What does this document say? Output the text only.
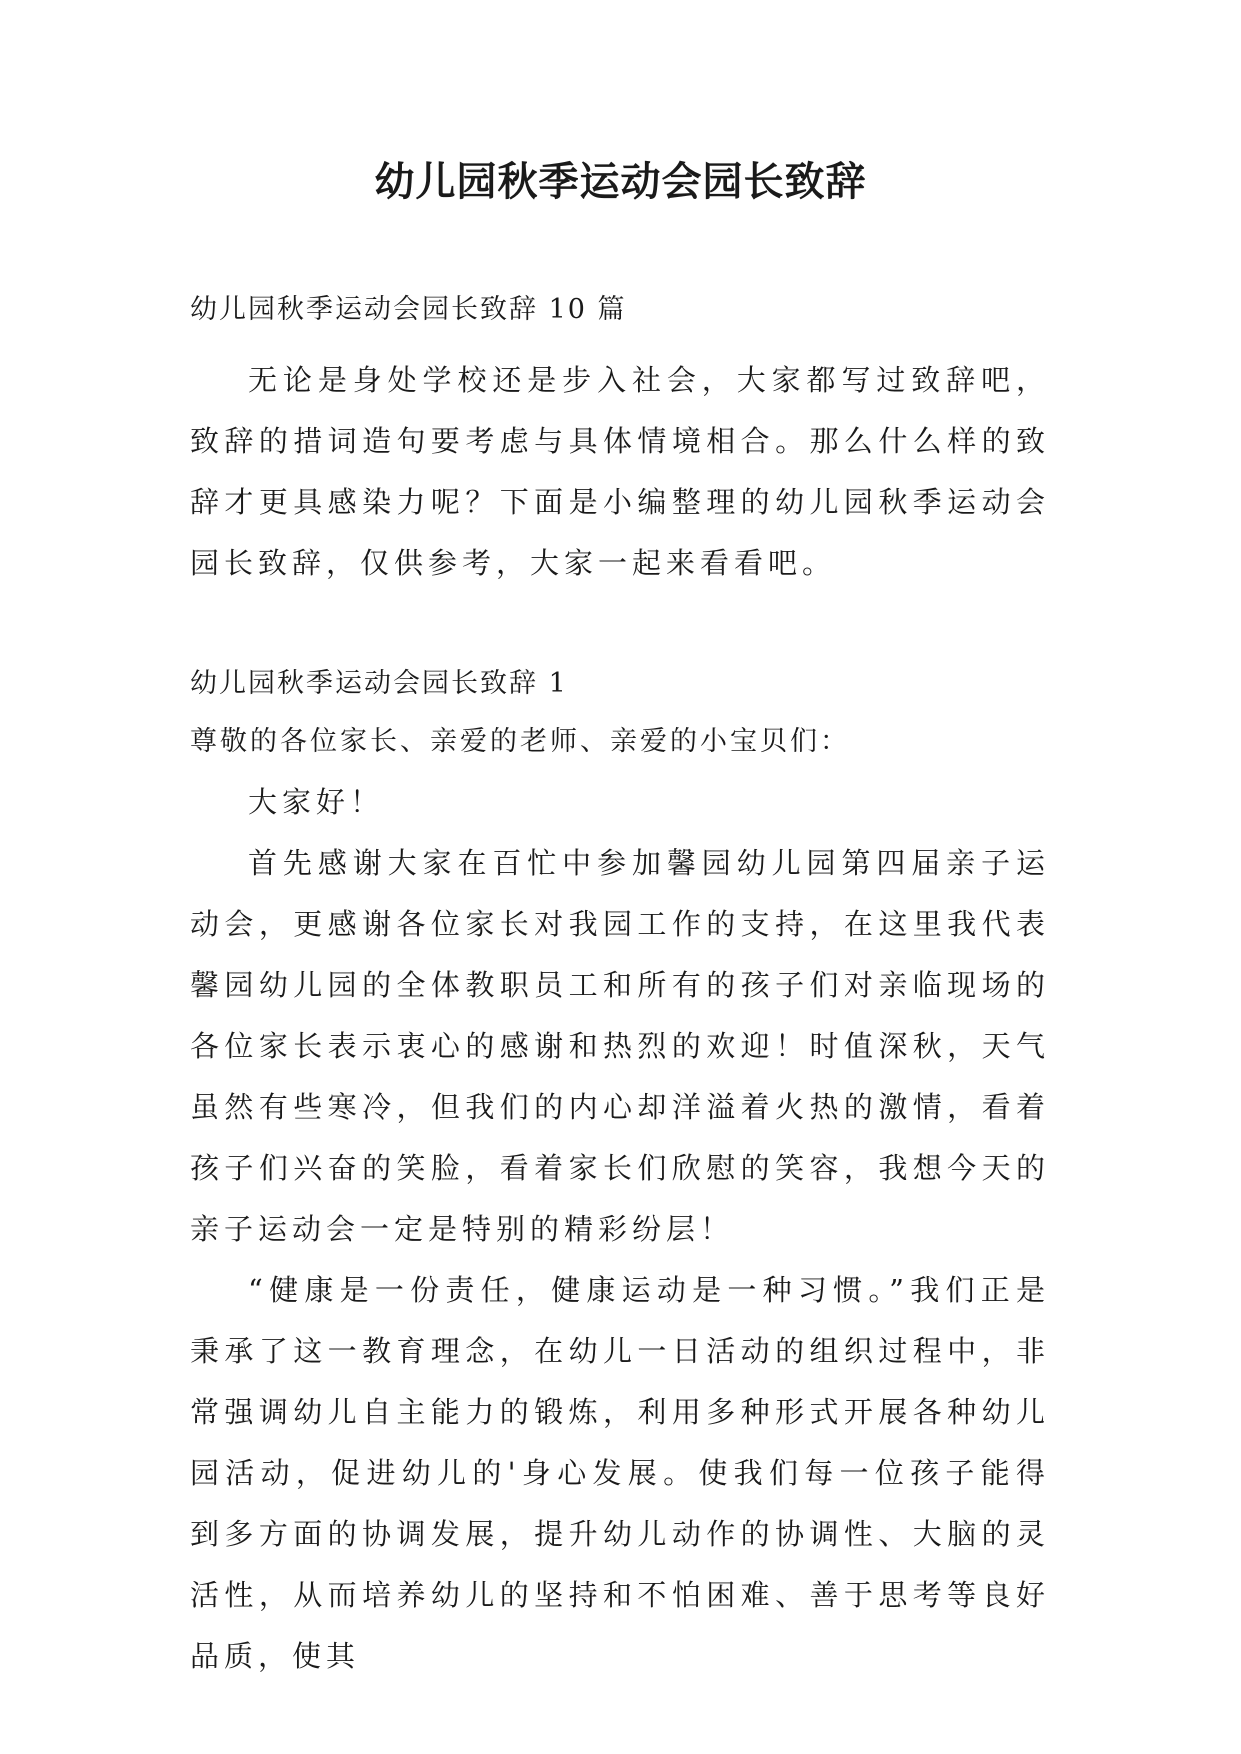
幼儿园秋季运动会园长致辞

幼儿园秋季运动会园长致辞 10 篇

无论是身处学校还是步入社会，大家都写过致辞吧，致辞的措词造句要考虑与具体情境相合。那么什么样的致辞才更具感染力呢？下面是小编整理的幼儿园秋季运动会园长致辞，仅供参考，大家一起来看看吧。

幼儿园秋季运动会园长致辞 1

尊敬的各位家长、亲爱的老师、亲爱的小宝贝们：

大家好！

首先感谢大家在百忙中参加馨园幼儿园第四届亲子运动会，更感谢各位家长对我园工作的支持，在这里我代表馨园幼儿园的全体教职员工和所有的孩子们对亲临现场的各位家长表示衷心的感谢和热烈的欢迎！时值深秋，天气虽然有些寒冷，但我们的内心却洋溢着火热的激情，看着孩子们兴奋的笑脸，看着家长们欣慰的笑容，我想今天的亲子运动会一定是特别的精彩纷层！

“健康是一份责任，健康运动是一种习惯。”我们正是秉承了这一教育理念，在幼儿一日活动的组织过程中，非常强调幼儿自主能力的锻炼，利用多种形式开展各种幼儿园活动，促进幼儿的'身心发展。使我们每一位孩子能得到多方面的协调发展，提升幼儿动作的协调性、大脑的灵活性，从而培养幼儿的坚持和不怕困难、善于思考等良好品质，使其
